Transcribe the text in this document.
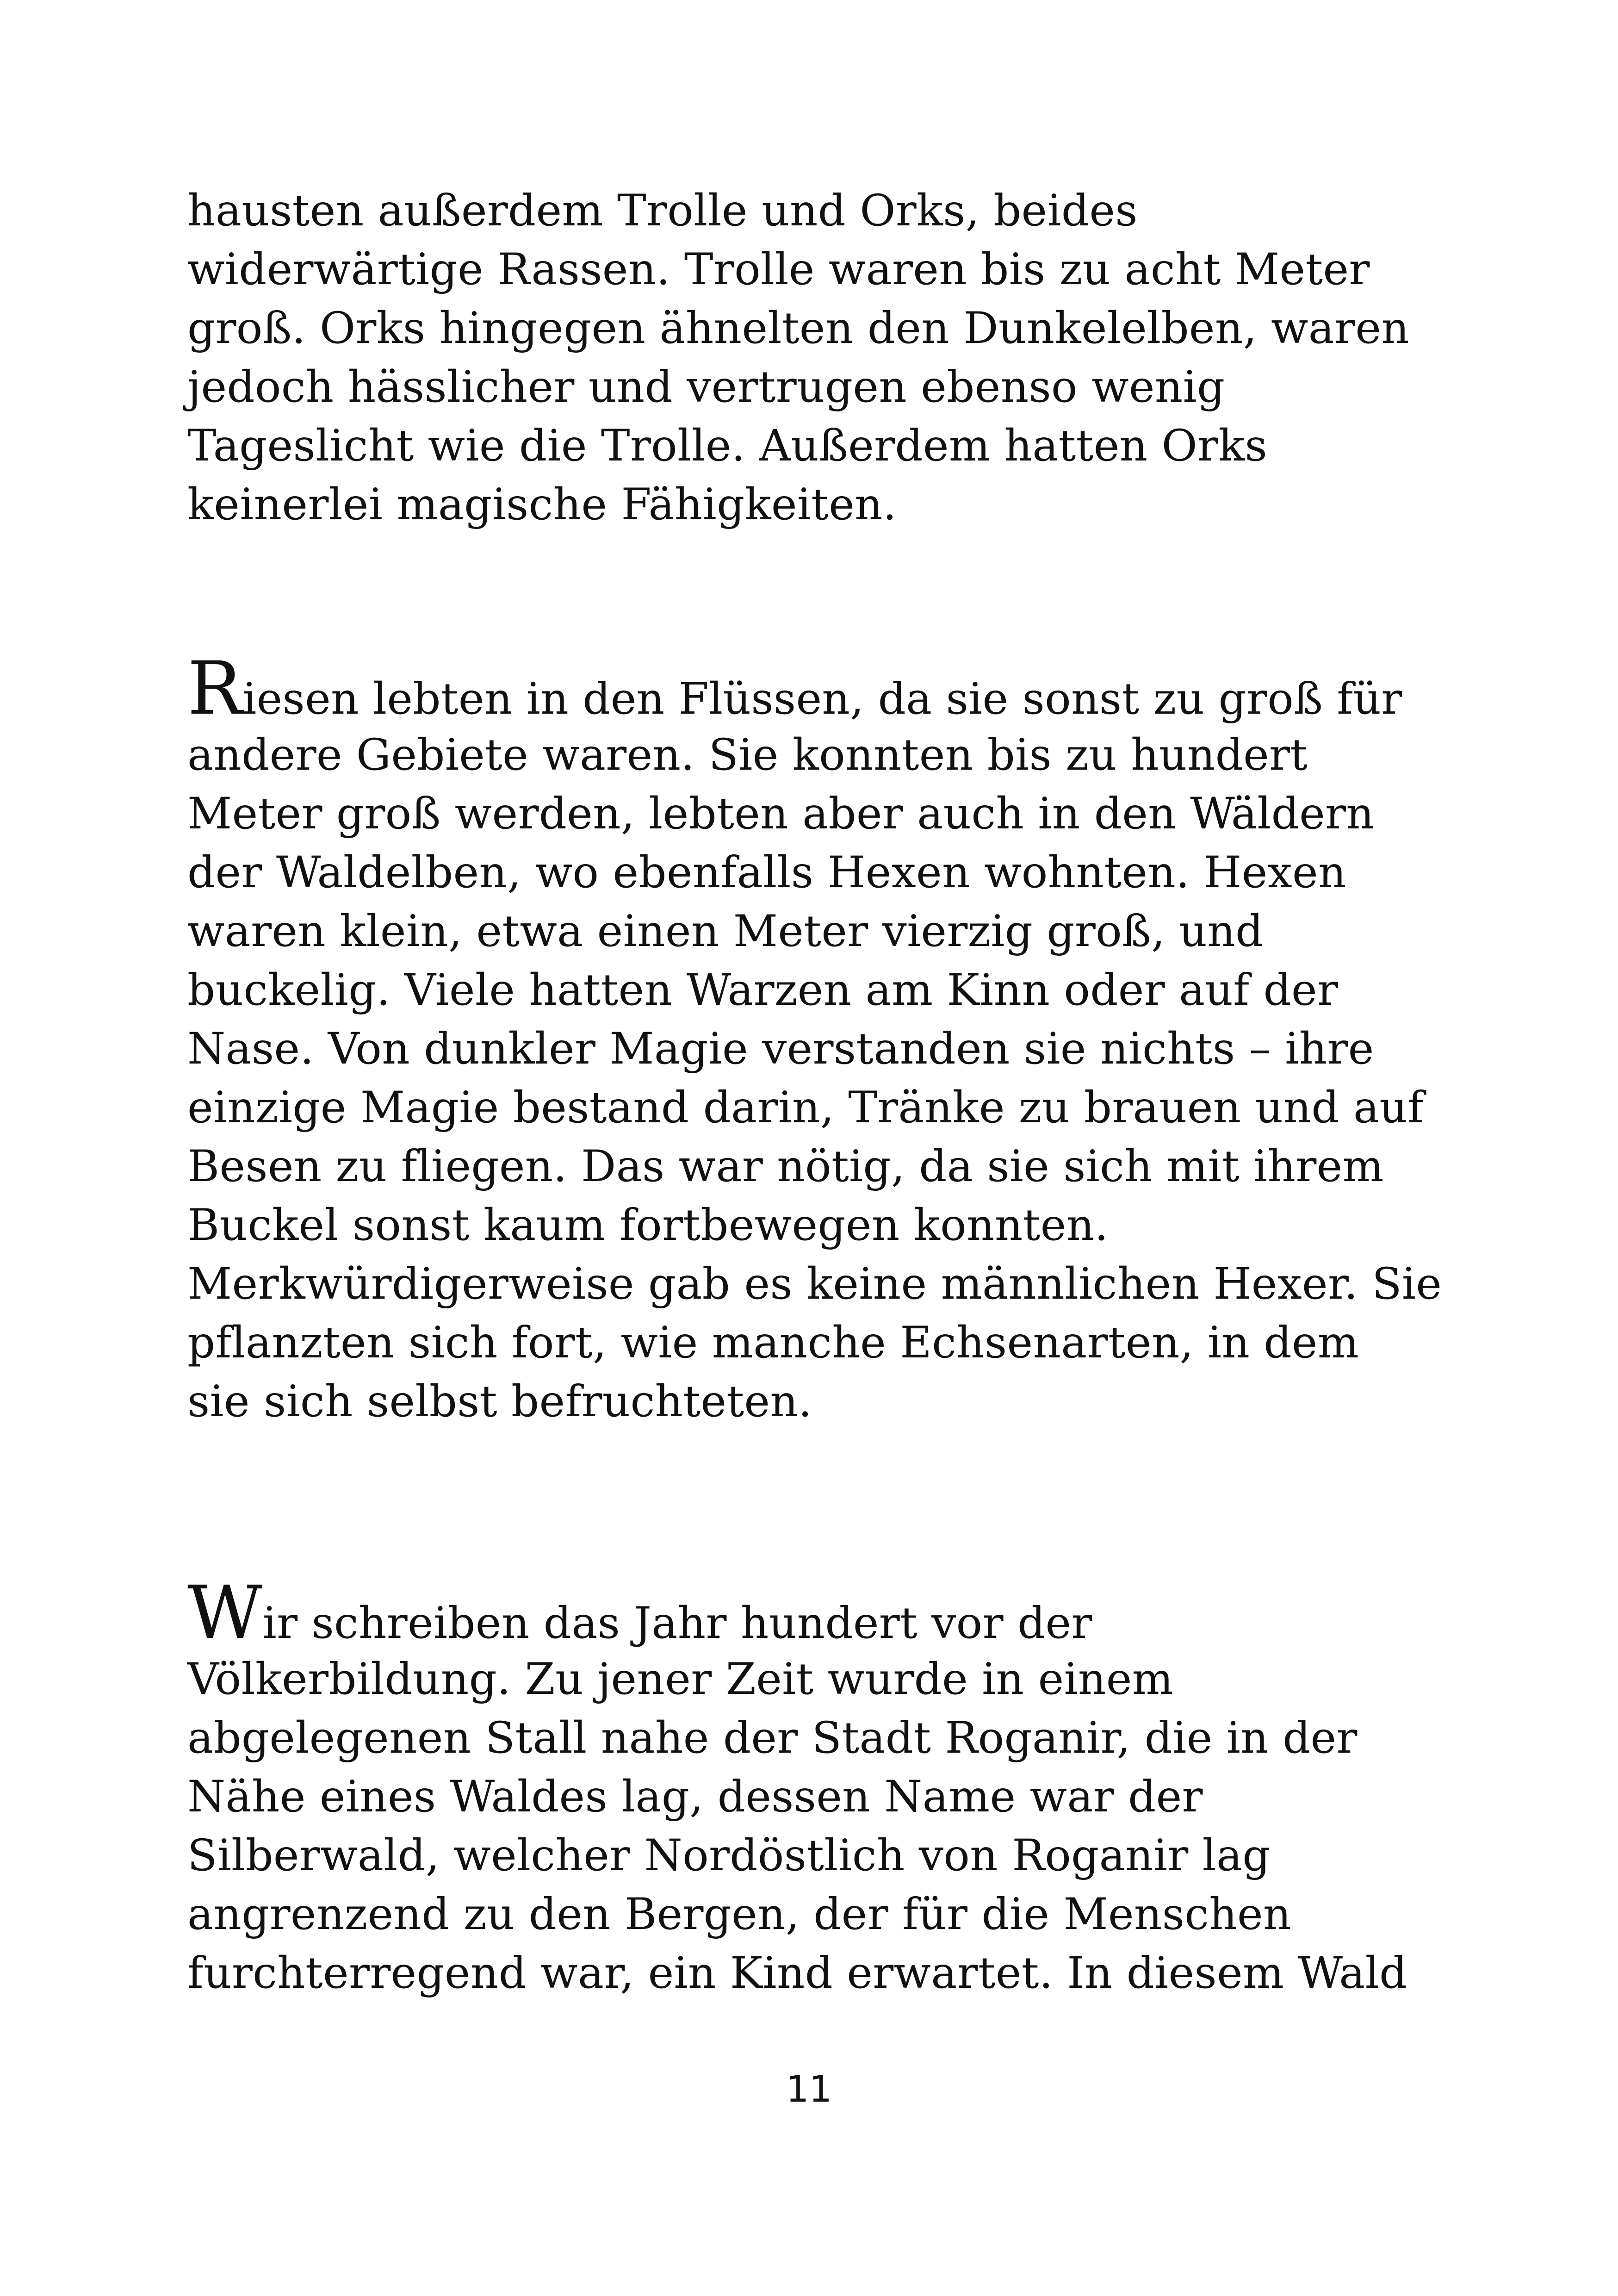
hausten außerdem Trolle und Orks, beides
widerwärtige Rassen. Trolle waren bis zu acht Meter
groß. Orks hingegen ähnelten den Dunkelelben, waren
jedoch hässlicher und vertrugen ebenso wenig
Tageslicht wie die Trolle. Außerdem hatten Orks
keinerlei magische Fähigkeiten.

Riesen lebten in den Flüssen, da sie sonst zu groß für
andere Gebiete waren. Sie konnten bis zu hundert
Meter groß werden, lebten aber auch in den Wäldern
der Waldelben, wo ebenfalls Hexen wohnten. Hexen
waren klein, etwa einen Meter vierzig groß, und
buckelig. Viele hatten Warzen am Kinn oder auf der
Nase. Von dunkler Magie verstanden sie nichts – ihre
einzige Magie bestand darin, Tränke zu brauen und auf
Besen zu fliegen. Das war nötig, da sie sich mit ihrem
Buckel sonst kaum fortbewegen konnten.
Merkwürdigerweise gab es keine männlichen Hexer. Sie
pflanzten sich fort, wie manche Echsenarten, in dem
sie sich selbst befruchteten.

Wir schreiben das Jahr hundert vor der
Völkerbildung. Zu jener Zeit wurde in einem
abgelegenen Stall nahe der Stadt Roganir, die in der
Nähe eines Waldes lag, dessen Name war der
Silberwald, welcher Nordöstlich von Roganir lag
angrenzend zu den Bergen, der für die Menschen
furchterregend war, ein Kind erwartet. In diesem Wald

11
